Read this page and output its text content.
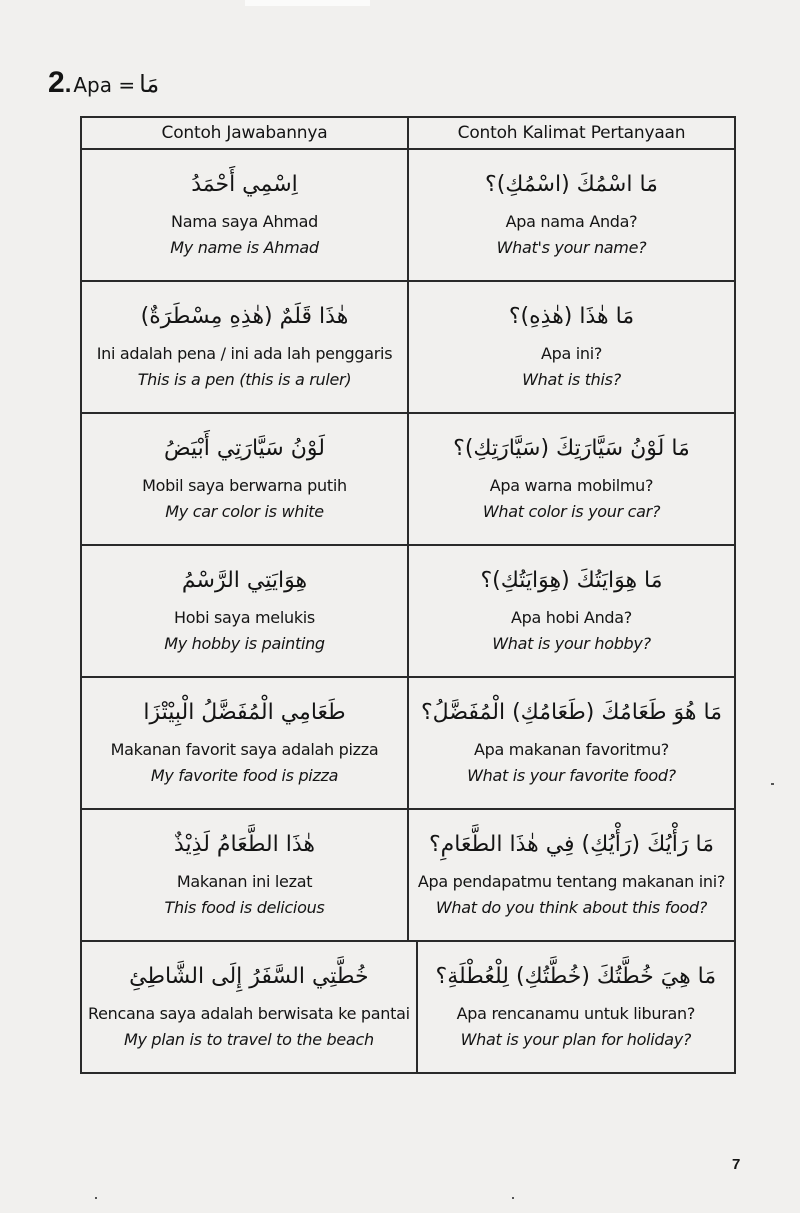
2 . Apa = مَا
Contoh Jawabannya	Contoh Kalimat Pertanyaan
اِسْمِي أَحْمَدُ
Nama saya Ahmad
My name is Ahmad
مَا اسْمُكَ (اسْمُكِ)؟
Apa nama Anda?
What's your name?
هٰذَا قَلَمٌ (هٰذِهِ مِسْطَرَةٌ)
Ini adalah pena / ini ada lah penggaris
This is a pen (this is a ruler)
مَا هٰذَا (هٰذِهِ)؟
Apa ini?
What is this?
لَوْنُ سَيَّارَتِي أَبْيَضُ
Mobil saya berwarna putih
My car color is white
مَا لَوْنُ سَيَّارَتِكَ (سَيَّارَتِكِ)؟
Apa warna mobilmu?
What color is your car?
هِوَايَتِي الرَّسْمُ
Hobi saya melukis
My hobby is painting
مَا هِوَايَتُكَ (هِوَايَتُكِ)؟
Apa hobi Anda?
What is your hobby?
طَعَامِي الْمُفَضَّلُ الْبِيْتْزَا
Makanan favorit saya adalah pizza
My favorite food is pizza
مَا هُوَ طَعَامُكَ (طَعَامُكِ) الْمُفَضَّلُ؟
Apa makanan favoritmu?
What is your favorite food?
هٰذَا الطَّعَامُ لَذِيْذٌ
Makanan ini lezat
This food is delicious
مَا رَأْيُكَ (رَأْيُكِ) فِي هٰذَا الطَّعَامِ؟
Apa pendapatmu tentang makanan ini?
What do you think about this food?
خُطَّتِي السَّفَرُ إِلَى الشَّاطِئِ
Rencana saya adalah berwisata ke pantai
My plan is to travel to the beach
مَا هِيَ خُطَّتُكَ (خُطَّتُكِ) لِلْعُطْلَةِ؟
Apa rencanamu untuk liburan?
What is your plan for holiday?
7
